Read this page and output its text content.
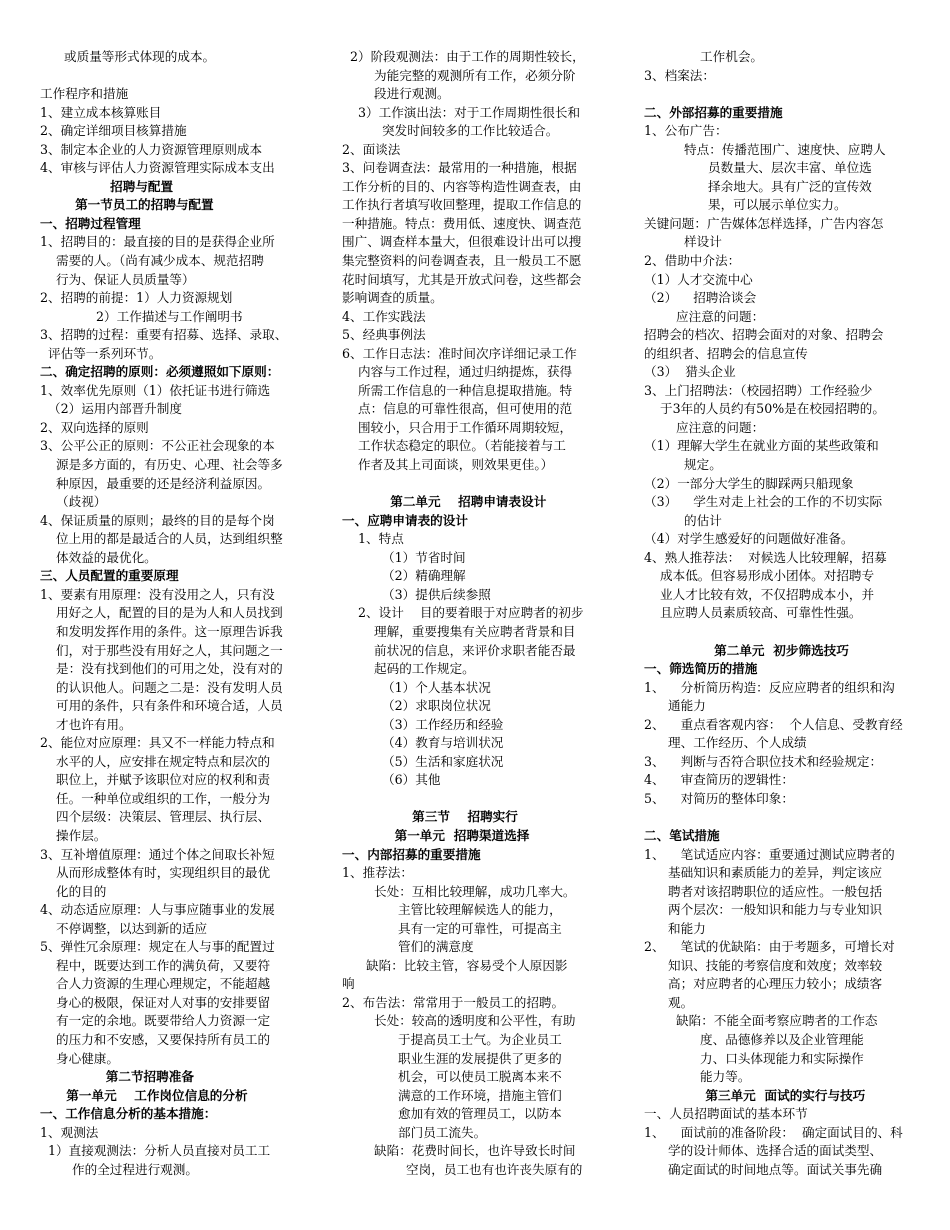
或质量等形式体现的成本。
工作程序和措施
1、建立成本核算账目
2、确定详细项目核算措施
3、制定本企业的人力资源管理原则成本
4、审核与评估人力资源管理实际成本支出
招聘与配置
第一节员工的招聘与配置
一、招聘过程管理
1、招聘目的：最直接的目的是获得企业所
需要的人。（尚有减少成本、规范招聘
行为、保证人员质量等）
2、招聘的前提：1）人力资源规划
2）工作描述与工作阐明书
3、招聘的过程：重要有招募、选择、录取、
评估等一系列环节。
二、确定招聘的原则：必须遵照如下原则：
1、效率优先原则（1）依托证书进行筛选
（2）运用内部晋升制度
2、双向选择的原则
3、公平公正的原则：不公正社会现象的本
源是多方面的，有历史、心理、社会等多
种原因，最重要的还是经济利益原因。
（歧视）
4、保证质量的原则；最终的目的是每个岗
位上用的都是最适合的人员，达到组织整
体效益的最优化。
三、人员配置的重要原理
1、要素有用原理：没有没用之人，只有没
用好之人，配置的目的是为人和人员找到
和发明发挥作用的条件。这一原理告诉我
们，对于那些没有用好之人，其问题之一
是：没有找到他们的可用之处，没有对的
的认识他人。问题之二是：没有发明人员
可用的条件，只有条件和环境合适，人员
才也许有用。
2、能位对应原理：具又不一样能力特点和
水平的人，应安排在规定特点和层次的
职位上，并赋予该职位对应的权利和责
任。一种单位或组织的工作，一般分为
四个层级：决策层、管理层、执行层、
操作层。
3、互补增值原理：通过个体之间取长补短
从而形成整体有时，实现组织目的最优
化的目的
4、动态适应原理：人与事应随事业的发展
不停调整，以达到新的适应
5、弹性冗余原理：规定在人与事的配置过
程中，既要达到工作的满负荷，又要符
合人力资源的生理心理规定，不能超越
身心的极限，保证对人对事的安排要留
有一定的余地。既要带给人力资源一定
的压力和不安感，又要保持所有员工的
身心健康。
第二节招聘准备
第一单元    工作岗位信息的分析
一、工作信息分析的基本措施：
1、观测法
1）直接观测法：分析人员直接对员工工
作的全过程进行观测。
2）阶段观测法：由于工作的周期性较长，
为能完整的观测所有工作，必须分阶
段进行观测。
3）工作演出法：对于工作周期性很长和
突发时间较多的工作比较适合。
2、面谈法
3、问卷调查法：最常用的一种措施，根据
工作分析的目的、内容等构造性调查表，由
工作执行者填写收回整理，提取工作信息的
一种措施。特点：费用低、速度快、调查范
围广、调查样本量大，但很难设计出可以搜
集完整资料的问卷调查表，且一般员工不愿
花时间填写，尤其是开放式问卷，这些都会
影响调查的质量。
4、工作实践法
5、经典事例法
6、工作日志法：准时间次序详细记录工作
内容与工作过程，通过归纳提炼，获得
所需工作信息的一种信息提取措施。特
点：信息的可靠性很高，但可使用的范
围较小，只合用于工作循环周期较短，
工作状态稳定的职位。（若能接着与工
作者及其上司面谈，则效果更佳。）
第二单元    招聘申请表设计
一、应聘申请表的设计
1、特点
（1）节省时间
（2）精确理解
（3）提供后续参照
2、设计    目的要着眼于对应聘者的初步
理解，重要搜集有关应聘者背景和目
前状况的信息，来评价求职者能否最
起码的工作规定。
（1）个人基本状况
（2）求职岗位状况
（3）工作经历和经验
（4）教育与培训状况
（5）生活和家庭状况
（6）其他
第三节    招聘实行
第一单元  招聘渠道选择
一、内部招募的重要措施
1、推荐法：
长处：互相比较理解，成功几率大。
主管比较理解候选人的能力，
具有一定的可靠性，可提高主
管们的满意度
缺陷：比较主管，容易受个人原因影
响
2、布告法：常常用于一般员工的招聘。
长处：较高的透明度和公平性，有助
于提高员工士气。为企业员工
职业生涯的发展提供了更多的
机会，可以使员工脱离本来不
满意的工作环境，措施主管们
愈加有效的管理员工，以防本
部门员工流失。
缺陷：花费时间长，也许导致长时间
空岗，员工也有也许丧失原有的
工作机会。
3、档案法：
二、外部招募的重要措施
1、公布广告：
特点：传播范围广、速度快、应聘人
员数量大、层次丰富、单位选
择余地大。具有广泛的宣传效
果，可以展示单位实力。
关键问题：广告媒体怎样选择，广告内容怎
样设计
2、借助中介法：
（1）人才交流中心
（2）    招聘洽谈会
应注意的问题：
招聘会的档次、招聘会面对的对象、招聘会
的组织者、招聘会的信息宣传
（3）  猎头企业
3、上门招聘法：（校园招聘）工作经验少
于3年的人员约有50%是在校园招聘的。
应注意的问题：
（1）理解大学生在就业方面的某些政策和
规定。
（2）一部分大学生的脚踩两只船现象
（3）    学生对走上社会的工作的不切实际
的估计
（4）对学生感爱好的问题做好准备。
4、熟人推荐法：  对候选人比较理解，招募
成本低。但容易形成小团体。对招聘专
业人才比较有效，不仅招聘成本小，并
且应聘人员素质较高、可靠性性强。
第二单元  初步筛选技巧
一、筛选简历的措施
1、    分析简历构造：反应应聘者的组织和沟
通能力
2、    重点看客观内容：  个人信息、受教育经
理、工作经历、个人成绩
3、    判断与否符合职位技术和经验规定：
4、    审查简历的逻辑性：
5、    对简历的整体印象：
二、笔试措施
1、    笔试适应内容：重要通过测试应聘者的
基础知识和素质能力的差异，判定该应
聘者对该招聘职位的适应性。一般包括
两个层次：一般知识和能力与专业知识
和能力
2、    笔试的优缺陷：由于考题多，可增长对
知识、技能的考察信度和效度；效率较
高；对应聘者的心理压力较小；成绩客
观。
缺陷：不能全面考察应聘者的工作态
度、品德修养以及企业管理能
力、口头体现能力和实际操作
能力等。
第三单元  面试的实行与技巧
一、人员招聘面试的基本环节
1、    面试前的准备阶段：  确定面试目的、科
学的设计师体、选择合适的面试类型、
确定面试的时间地点等。面试关事先确
